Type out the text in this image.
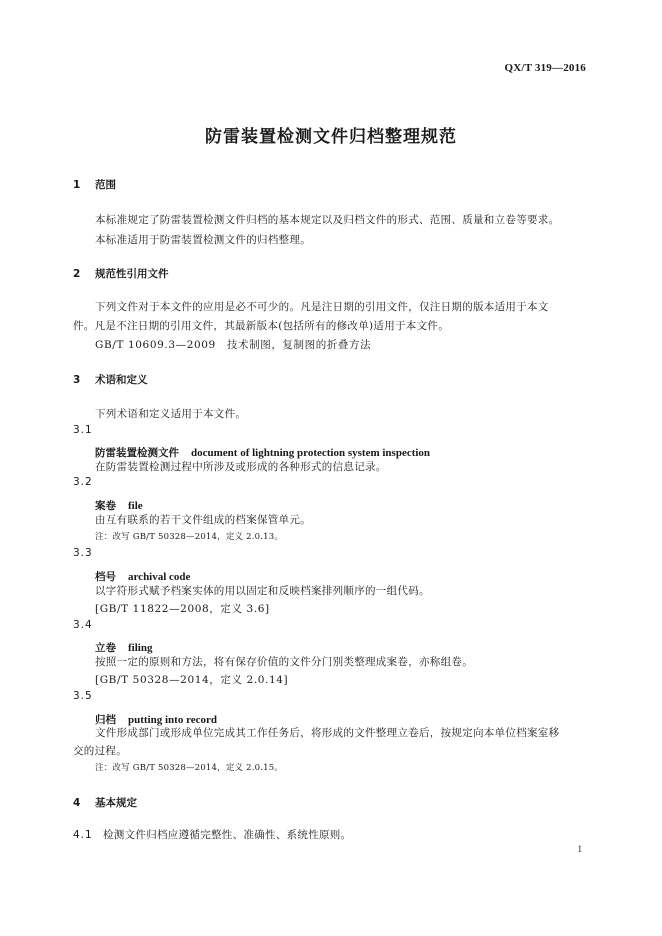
QX/T 319—2016
防雷装置检测文件归档整理规范
1 范围
本标准规定了防雷装置检测文件归档的基本规定以及归档文件的形式、范围、质量和立卷等要求。
本标准适用于防雷装置检测文件的归档整理。
2 规范性引用文件
下列文件对于本文件的应用是必不可少的。凡是注日期的引用文件，仅注日期的版本适用于本文
件。凡是不注日期的引用文件，其最新版本(包括所有的修改单)适用于本文件。
GB/T 10609.3—2009　技术制图，复制图的折叠方法
3 术语和定义
下列术语和定义适用于本文件。
3.1
防雷装置检测文件 document of lightning protection system inspection
在防雷装置检测过程中所涉及或形成的各种形式的信息记录。
3.2
案卷 file
由互有联系的若干文件组成的档案保管单元。
注：改写 GB/T 50328—2014，定义 2.0.13。
3.3
档号 archival code
以字符形式赋予档案实体的用以固定和反映档案排列顺序的一组代码。
[GB/T 11822—2008，定义 3.6]
3.4
立卷 filing
按照一定的原则和方法，将有保存价值的文件分门别类整理成案卷，亦称组卷。
[GB/T 50328—2014，定义 2.0.14]
3.5
归档 putting into record
文件形成部门或形成单位完成其工作任务后，将形成的文件整理立卷后，按规定向本单位档案室移
交的过程。
注：改写 GB/T 50328—2014，定义 2.0.15。
4 基本规定
4.1 检测文件归档应遵循完整性、准确性、系统性原则。
1
